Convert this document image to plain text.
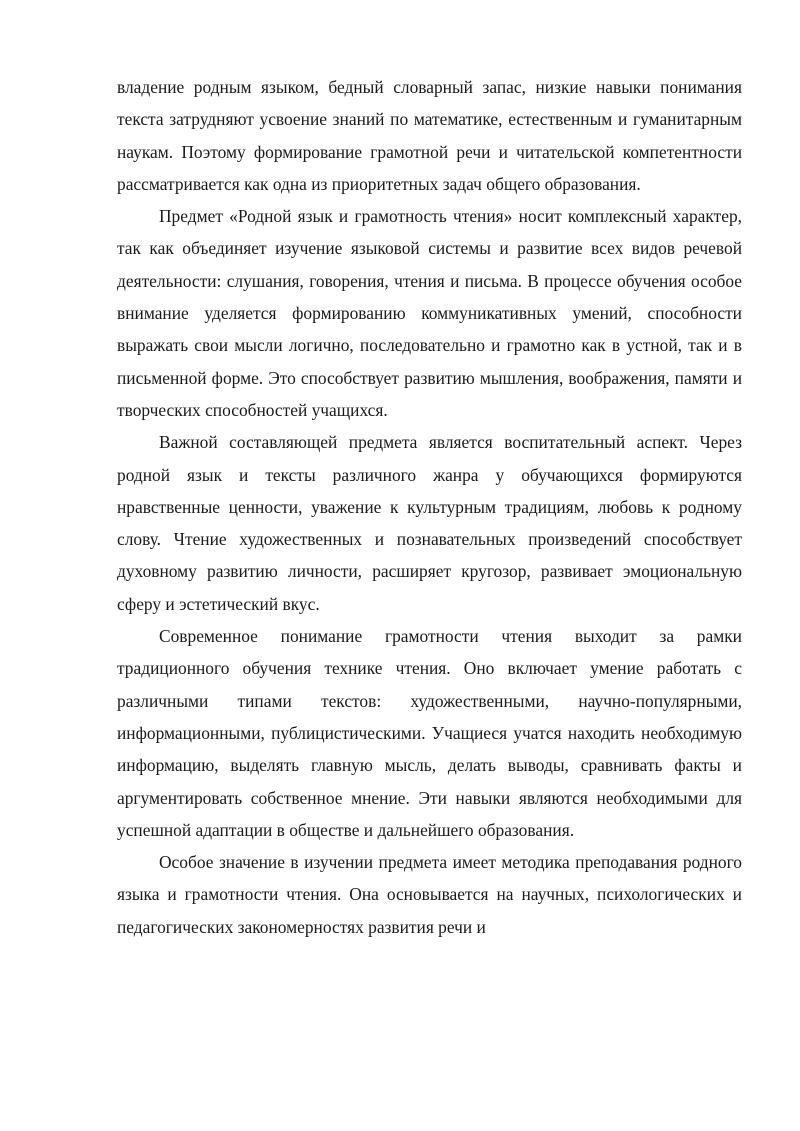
владение родным языком, бедный словарный запас, низкие навыки понимания текста затрудняют усвоение знаний по математике, естественным и гуманитарным наукам. Поэтому формирование грамотной речи и читательской компетентности рассматривается как одна из приоритетных задач общего образования.

Предмет «Родной язык и грамотность чтения» носит комплексный характер, так как объединяет изучение языковой системы и развитие всех видов речевой деятельности: слушания, говорения, чтения и письма. В процессе обучения особое внимание уделяется формированию коммуникативных умений, способности выражать свои мысли логично, последовательно и грамотно как в устной, так и в письменной форме. Это способствует развитию мышления, воображения, памяти и творческих способностей учащихся.

Важной составляющей предмета является воспитательный аспект. Через родной язык и тексты различного жанра у обучающихся формируются нравственные ценности, уважение к культурным традициям, любовь к родному слову. Чтение художественных и познавательных произведений способствует духовному развитию личности, расширяет кругозор, развивает эмоциональную сферу и эстетический вкус.

Современное понимание грамотности чтения выходит за рамки традиционного обучения технике чтения. Оно включает умение работать с различными типами текстов: художественными, научно-популярными, информационными, публицистическими. Учащиеся учатся находить необходимую информацию, выделять главную мысль, делать выводы, сравнивать факты и аргументировать собственное мнение. Эти навыки являются необходимыми для успешной адаптации в обществе и дальнейшего образования.

Особое значение в изучении предмета имеет методика преподавания родного языка и грамотности чтения. Она основывается на научных, психологических и педагогических закономерностях развития речи и
